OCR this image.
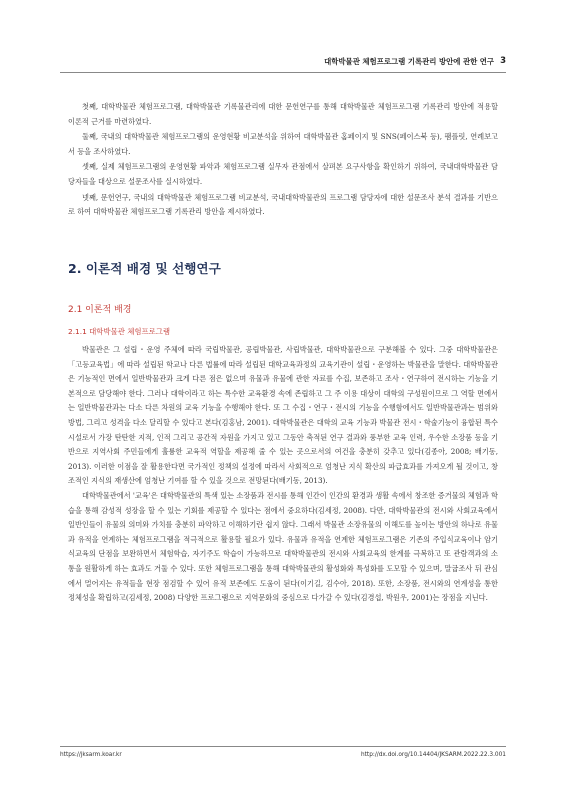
대학박물관 체험프로그램 기록관리 방안에 관한 연구 3

첫째, 대학박물관 체험프로그램, 대학박물관 기록물관리에 대한 문헌연구를 통해 대학박물관 체험프로그램 기록관리 방안에 적용할 이론적 근거를 마련하였다.

둘째, 국내의 대학박물관 체험프로그램의 운영현황 비교분석을 위하여 대학박물관 홈페이지 및 SNS(페이스북 등), 팸플릿, 연례보고서 등을 조사하였다.

셋째, 실제 체험프로그램의 운영현황 파악과 체험프로그램 실무자 관점에서 살펴본 요구사항을 확인하기 위하여, 국내대학박물관 담당자들을 대상으로 설문조사를 실시하였다.

넷째, 문헌연구, 국내의 대학박물관 체험프로그램 비교분석, 국내대학박물관의 프로그램 담당자에 대한 설문조사 분석 결과를 기반으로 하여 대학박물관 체험프로그램 기록관리 방안을 제시하였다.

2. 이론적 배경 및 선행연구
2.1 이론적 배경
2.1.1 대학박물관 체험프로그램

박물관은 그 설립・운영 주체에 따라 국립박물관, 공립박물관, 사립박물관, 대학박물관으로 구분해볼 수 있다. 그중 대학박물관은 「고등교육법」에 따라 설립된 학교나 다른 법률에 따라 설립된 대학교육과정의 교육기관이 설립・운영하는 박물관을 말한다. 대학박물관은 기능적인 면에서 일반박물관과 크게 다른 점은 없으며 유물과 유물에 관한 자료를 수집, 보존하고 조사・연구하여 전시하는 기능을 기본적으로 담당해야 한다. 그러나 대학이라고 하는 특수한 교육환경 속에 존립하고 그 주 이용 대상이 대학의 구성원이므로 그 역할 면에서는 일반박물관과는 다소 다른 차원의 교육 기능을 수행해야 한다. 또 그 수집・연구・전시의 기능을 수행함에서도 일반박물관과는 범위와 방법, 그리고 성격을 다소 달리할 수 있다고 본다(김홍남, 2001). 대학박물관은 대학의 교육 기능과 박물관 전시・학술기능이 융합된 특수시설로서 가장 탄탄한 지적, 인적 그리고 공간적 자원을 가지고 있고 그동안 축적된 연구 결과와 풍부한 교육 인력, 우수한 소장품 등을 기반으로 지역사회 주민들에게 훌륭한 교육적 역할을 제공해 줄 수 있는 곳으로서의 여건을 충분히 갖추고 있다(김종아, 2008; 배기동, 2013). 이러한 이점을 잘 활용한다면 국가적인 정책의 설정에 따라서 사회적으로 엄청난 지식 확산의 파급효과를 가져오게 될 것이고, 창조적인 지식의 재생산에 엄청난 기여를 할 수 있을 것으로 전망된다(배기동, 2013).

대학박물관에서 '교육'은 대학박물관의 특색 있는 소장품과 전시를 통해 인간이 인간의 환경과 생활 속에서 창조한 증거물의 체험과 학습을 통해 감성적 성장을 할 수 있는 기회를 제공할 수 있다는 점에서 중요하다(김세정, 2008). 다만, 대학박물관의 전시와 사회교육에서 일반인들이 유물의 의미와 가치를 충분히 파악하고 이해하기란 쉽지 않다. 그래서 박물관 소장유물의 이해도를 높이는 방안의 하나로 유물과 유적을 연계하는 체험프로그램을 적극적으로 활용할 필요가 있다. 유물과 유적을 연계한 체험프로그램은 기존의 주입식교육이나 암기식교육의 단점을 보완하면서 체험학습, 자기주도 학습이 가능하므로 대학박물관의 전시와 사회교육의 한계를 극복하고 또 관람객과의 소통을 원활하게 하는 효과도 거둘 수 있다. 또한 체험프로그램을 통해 대학박물관의 활성화와 특성화를 도모할 수 있으며, 말굽조사 뒤 관심에서 멀어지는 유적들을 현장 점검할 수 있어 유적 보존에도 도움이 된다(이기길, 김수아, 2018). 또한, 소장품, 전시와의 연계성을 통한 정체성을 확립하고(김세정, 2008) 다양한 프로그램으로 지역문화의 중심으로 다가갈 수 있다(김경섭, 박원우, 2001)는 장점을 지닌다.

https://jksarm.koar.kr	http://dx.doi.org/10.14404/JKSARM.2022.22.3.001
